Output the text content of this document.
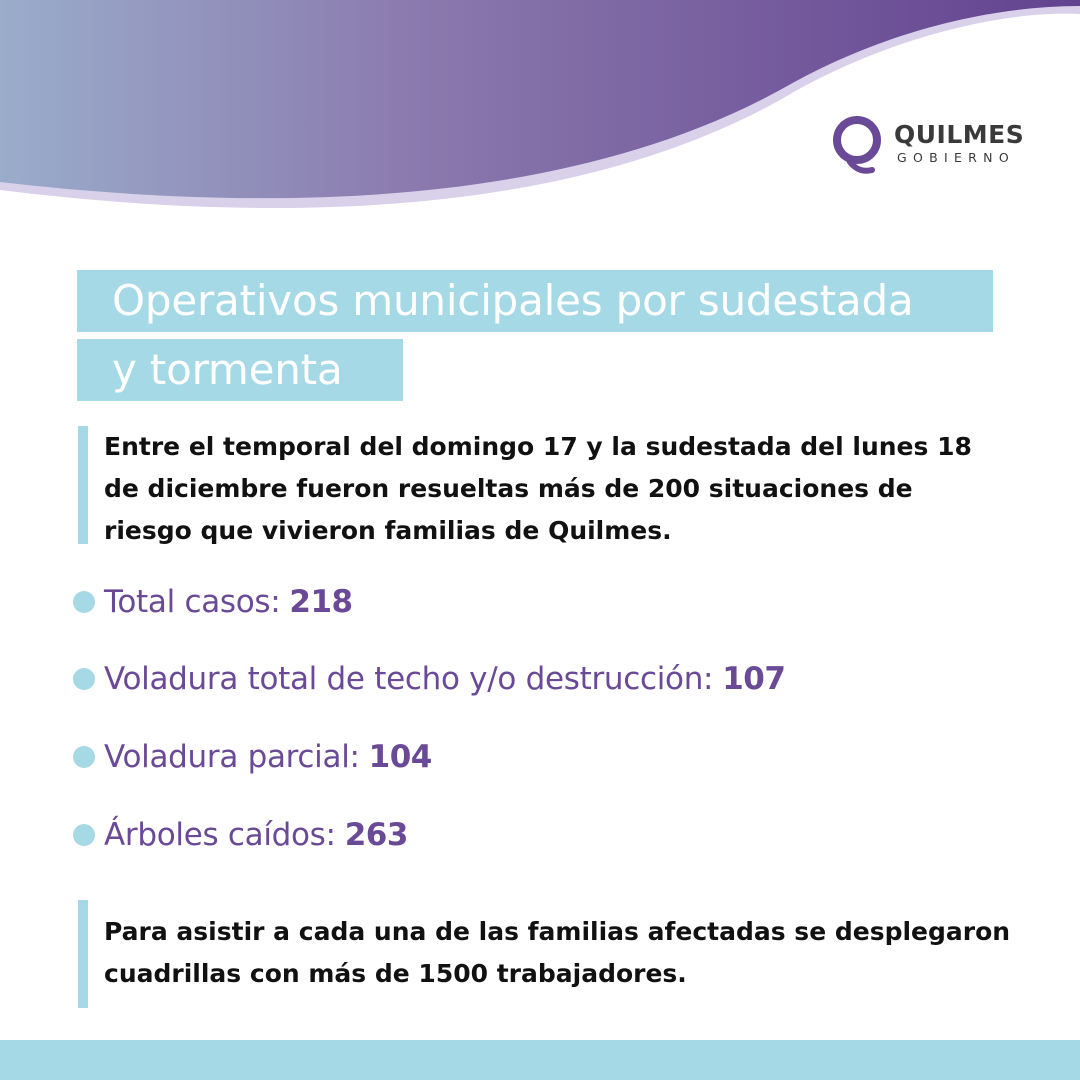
QUILMES
GOBIERNO
Operativos municipales por sudestada
y tormenta
Entre el temporal del domingo 17 y la sudestada del lunes 18
de diciembre fueron resueltas más de 200 situaciones de
riesgo que vivieron familias de Quilmes.
Total casos: 218
Voladura total de techo y/o destrucción: 107
Voladura parcial: 104
Árboles caídos: 263
Para asistir a cada una de las familias afectadas se desplegaron
cuadrillas con más de 1500 trabajadores.
